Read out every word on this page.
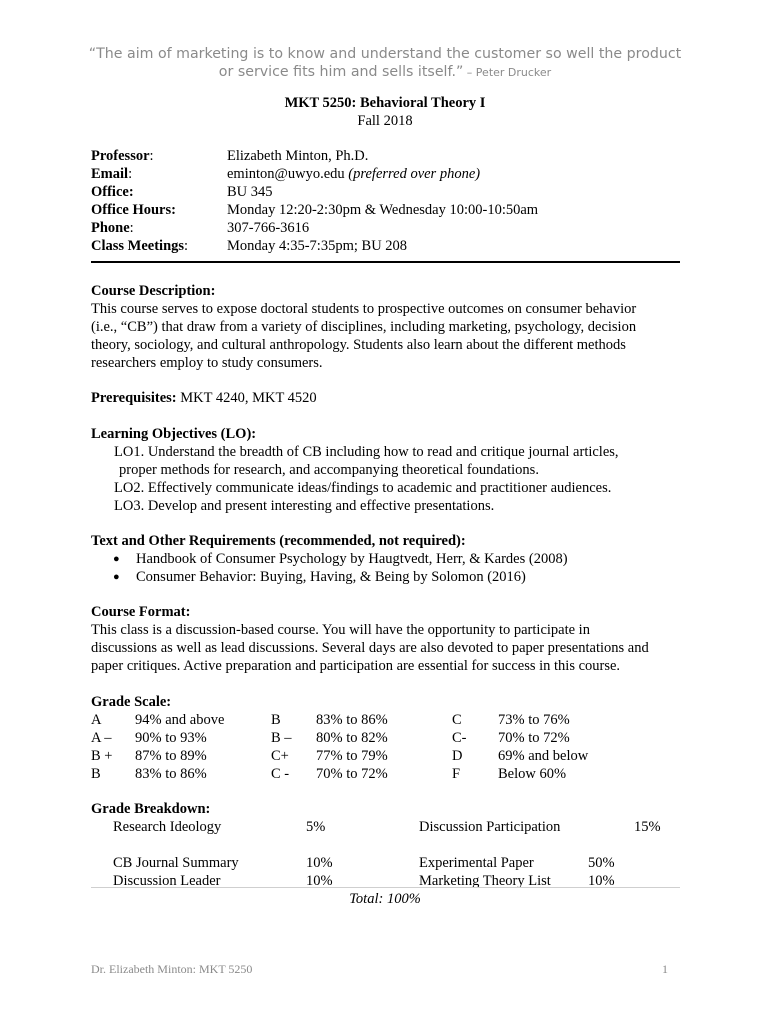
“The aim of marketing is to know and understand the customer so well the product
or service fits him and sells itself.” – Peter Drucker
MKT 5250: Behavioral Theory I
Fall 2018
Professor:	Elizabeth Minton, Ph.D.
Email:	eminton@uwyo.edu (preferred over phone)
Office:	BU 345
Office Hours:	Monday 12:20-2:30pm & Wednesday 10:00-10:50am
Phone:	307-766-3616
Class Meetings:	Monday 4:35-7:35pm; BU 208
Course Description:
This course serves to expose doctoral students to prospective outcomes on consumer behavior
(i.e., “CB”) that draw from a variety of disciplines, including marketing, psychology, decision
theory, sociology, and cultural anthropology. Students also learn about the different methods
researchers employ to study consumers.
Prerequisites: MKT 4240, MKT 4520
Learning Objectives (LO):
LO1. Understand the breadth of CB including how to read and critique journal articles,
proper methods for research, and accompanying theoretical foundations.
LO2. Effectively communicate ideas/findings to academic and practitioner audiences.
LO3. Develop and present interesting and effective presentations.
Text and Other Requirements (recommended, not required):
●	Handbook of Consumer Psychology by Haugtvedt, Herr, & Kardes (2008)
●	Consumer Behavior: Buying, Having, & Being by Solomon (2016)
Course Format:
This class is a discussion-based course. You will have the opportunity to participate in
discussions as well as lead discussions. Several days are also devoted to paper presentations and
paper critiques. Active preparation and participation are essential for success in this course.
Grade Scale:
A 94% and above	B 83% to 86%	C	73% to 76%
A – 90% to 93%	B – 80% to 82%	C- 70% to 72%
B + 87% to 89%	C+ 77% to 79%	D 69% and below
B 83% to 86%	C - 70% to 72%	F	Below 60%
Grade Breakdown:
Research Ideology	5%	Discussion Participation	15%
CB Journal Summary	10%	Experimental Paper	50%
Discussion Leader	10%	Marketing Theory List	10%
Total: 100%
Dr. Elizabeth Minton: MKT 5250	1
